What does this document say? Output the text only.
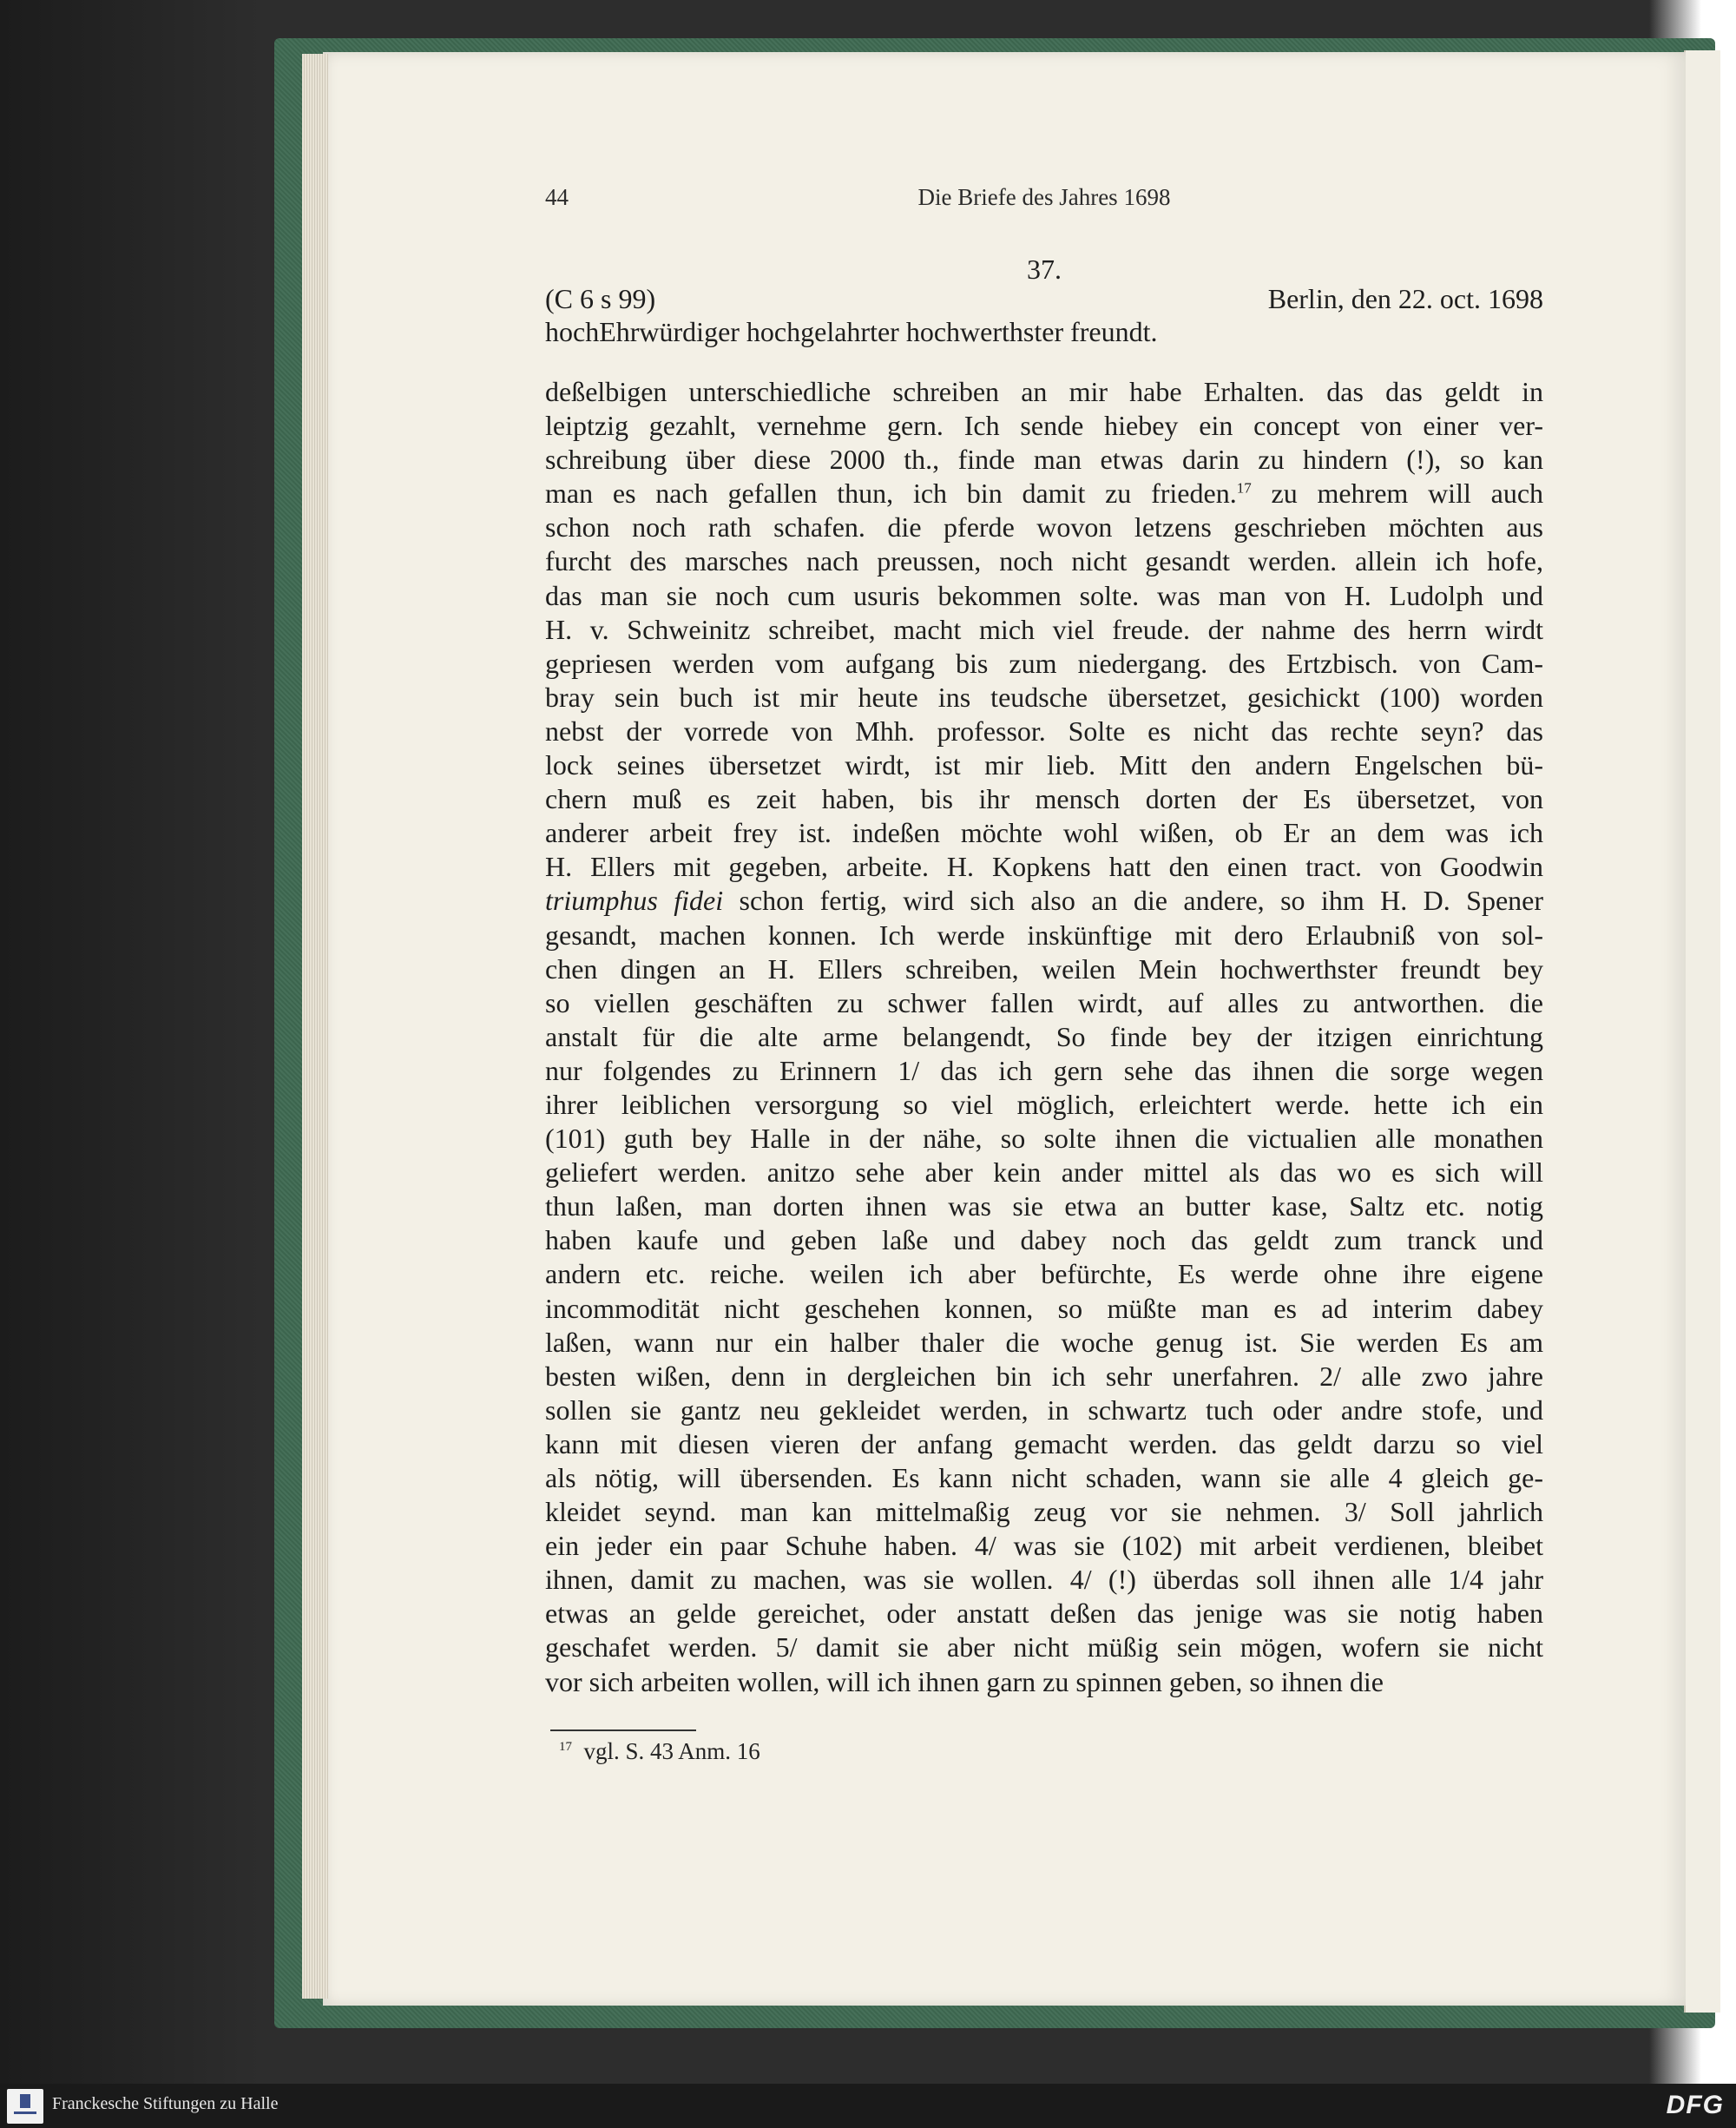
44	Die Briefe des Jahres 1698
37.
(C 6 s 99)	Berlin, den 22. oct. 1698
hochEhrwürdiger hochgelahrter hochwerthster freundt.
deßelbigen unterschiedliche schreiben an mir habe Erhalten. das das geldt in
leiptzig gezahlt, vernehme gern. Ich sende hiebey ein concept von einer ver-
schreibung über diese 2000 th., finde man etwas darin zu hindern (!), so kan
man es nach gefallen thun, ich bin damit zu frieden.$^{17}$ zu mehrem will auch
schon noch rath schafen. die pferde wovon letzens geschrieben möchten aus
furcht des marsches nach preussen, noch nicht gesandt werden. allein ich hofe,
das man sie noch cum usuris bekommen solte. was man von H. Ludolph und
H. v. Schweinitz schreibet, macht mich viel freude. der nahme des herrn wirdt
gepriesen werden vom aufgang bis zum niedergang. des Ertzbisch. von Cam-
bray sein buch ist mir heute ins teudsche übersetzet, gesichickt (100) worden
nebst der vorrede von Mhh. professor. Solte es nicht das rechte seyn? das
lock seines übersetzet wirdt, ist mir lieb. Mitt den andern Engelschen bü-
chern muß es zeit haben, bis ihr mensch dorten der Es übersetzet, von
anderer arbeit frey ist. indeßen möchte wohl wißen, ob Er an dem was ich
H. Ellers mit gegeben, arbeite. H. Kopkens hatt den einen tract. von Goodwin
triumphus fidei schon fertig, wird sich also an die andere, so ihm H. D. Spener
gesandt, machen konnen. Ich werde inskünftige mit dero Erlaubniß von sol-
chen dingen an H. Ellers schreiben, weilen Mein hochwerthster freundt bey
so viellen geschäften zu schwer fallen wirdt, auf alles zu antworthen. die
anstalt für die alte arme belangendt, So finde bey der itzigen einrichtung
nur folgendes zu Erinnern 1/ das ich gern sehe das ihnen die sorge wegen
ihrer leiblichen versorgung so viel möglich, erleichtert werde. hette ich ein
(101) guth bey Halle in der nähe, so solte ihnen die victualien alle monathen
geliefert werden. anitzo sehe aber kein ander mittel als das wo es sich will
thun laßen, man dorten ihnen was sie etwa an butter kase, Saltz etc. notig
haben kaufe und geben laße und dabey noch das geldt zum tranck und
andern etc. reiche. weilen ich aber befürchte, Es werde ohne ihre eigene
incommodität nicht geschehen konnen, so müßte man es ad interim dabey
laßen, wann nur ein halber thaler die woche genug ist. Sie werden Es am
besten wißen, denn in dergleichen bin ich sehr unerfahren. 2/ alle zwo jahre
sollen sie gantz neu gekleidet werden, in schwartz tuch oder andre stofe, und
kann mit diesen vieren der anfang gemacht werden. das geldt darzu so viel
als nötig, will übersenden. Es kann nicht schaden, wann sie alle 4 gleich ge-
kleidet seynd. man kan mittelmaßig zeug vor sie nehmen. 3/ Soll jahrlich
ein jeder ein paar Schuhe haben. 4/ was sie (102) mit arbeit verdienen, bleibet
ihnen, damit zu machen, was sie wollen. 4/ (!) überdas soll ihnen alle 1/4 jahr
etwas an gelde gereichet, oder anstatt deßen das jenige was sie notig haben
geschafet werden. 5/ damit sie aber nicht müßig sein mögen, wofern sie nicht
vor sich arbeiten wollen, will ich ihnen garn zu spinnen geben, so ihnen die
$^{17}$ vgl. S. 43 Anm. 16
Franckesche Stiftungen zu Halle	DFG
